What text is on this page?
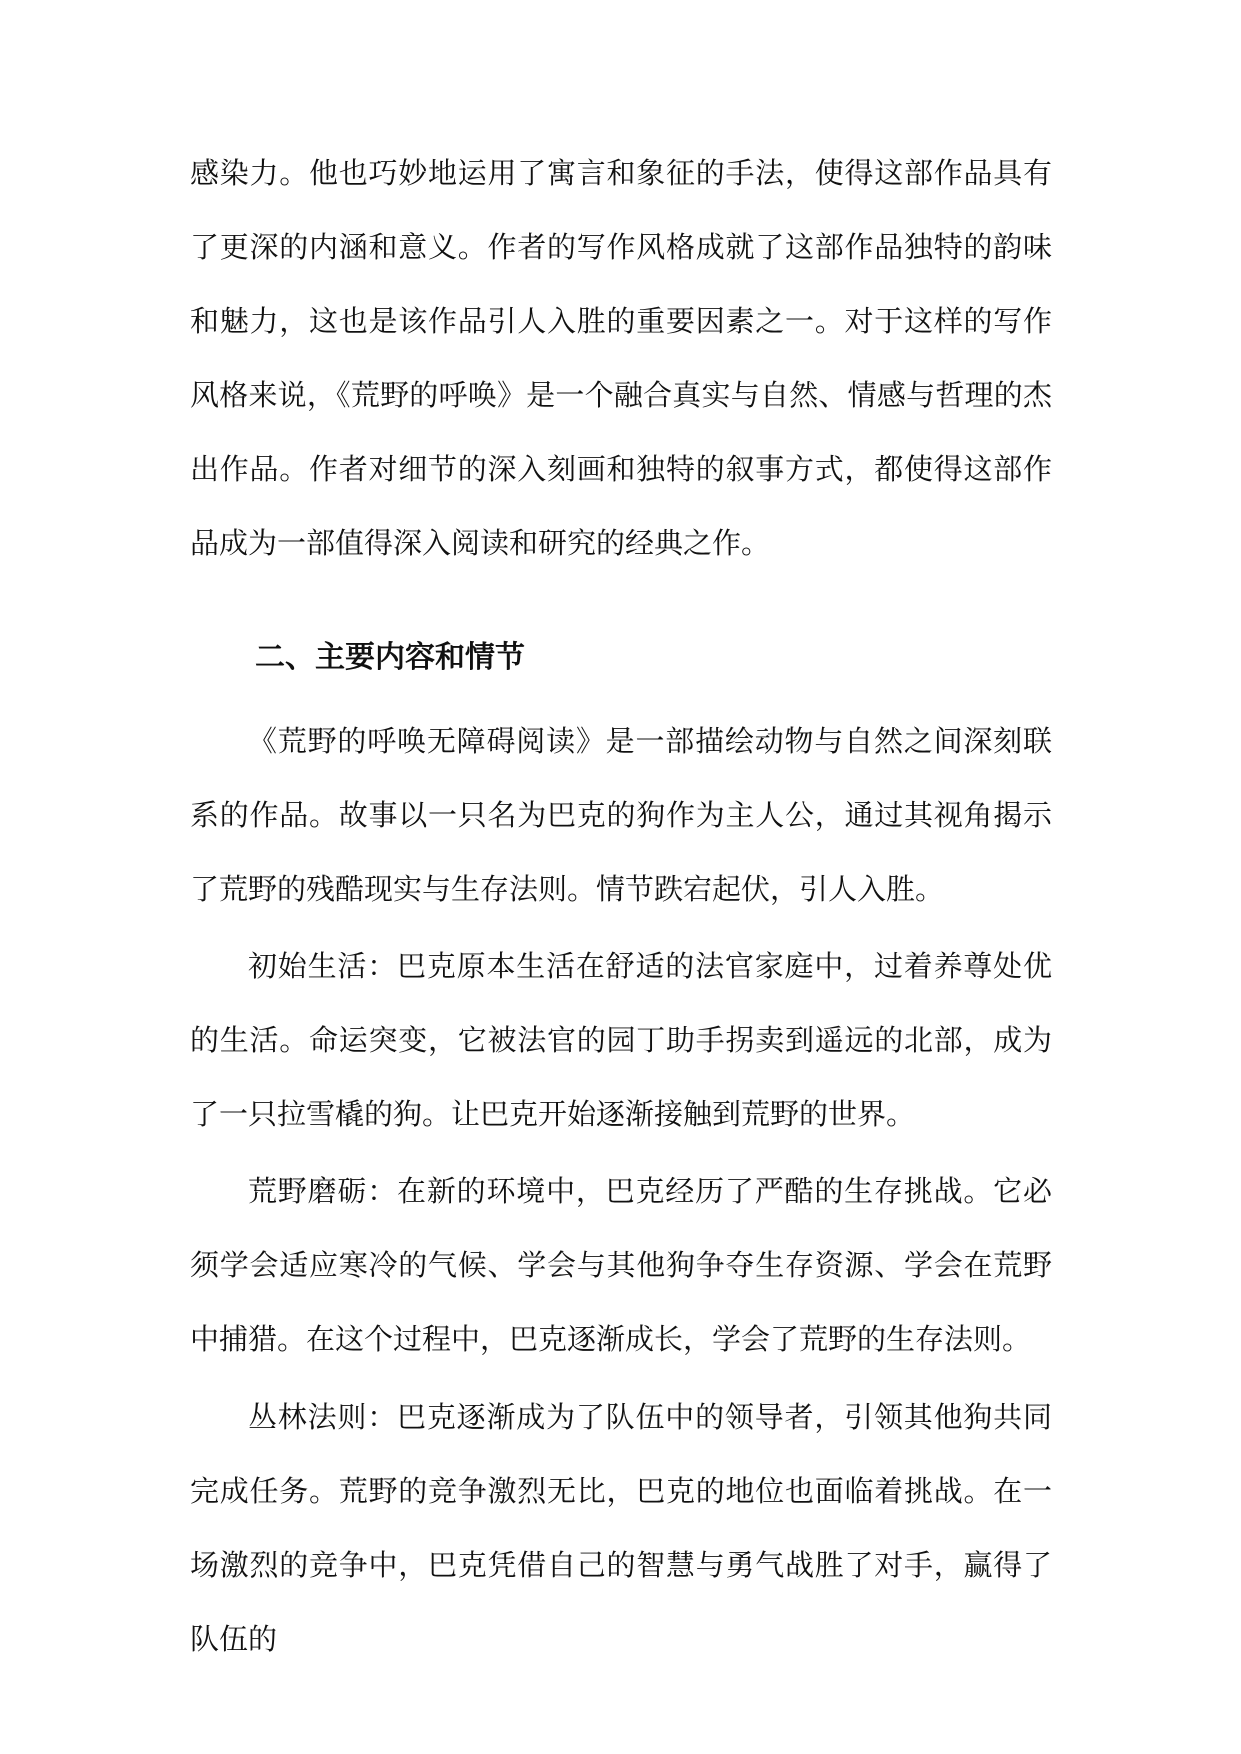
感染力。他也巧妙地运用了寓言和象征的手法，使得这部作品具有了更深的内涵和意义。作者的写作风格成就了这部作品独特的韵味和魅力，这也是该作品引人入胜的重要因素之一。对于这样的写作风格来说，《荒野的呼唤》是一个融合真实与自然、情感与哲理的杰出作品。作者对细节的深入刻画和独特的叙事方式，都使得这部作品成为一部值得深入阅读和研究的经典之作。

二、主要内容和情节

《荒野的呼唤无障碍阅读》是一部描绘动物与自然之间深刻联系的作品。故事以一只名为巴克的狗作为主人公，通过其视角揭示了荒野的残酷现实与生存法则。情节跌宕起伏，引人入胜。

初始生活：巴克原本生活在舒适的法官家庭中，过着养尊处优的生活。命运突变，它被法官的园丁助手拐卖到遥远的北部，成为了一只拉雪橇的狗。让巴克开始逐渐接触到荒野的世界。

荒野磨砺：在新的环境中，巴克经历了严酷的生存挑战。它必须学会适应寒冷的气候、学会与其他狗争夺生存资源、学会在荒野中捕猎。在这个过程中，巴克逐渐成长，学会了荒野的生存法则。

丛林法则：巴克逐渐成为了队伍中的领导者，引领其他狗共同完成任务。荒野的竞争激烈无比，巴克的地位也面临着挑战。在一场激烈的竞争中，巴克凭借自己的智慧与勇气战胜了对手，赢得了队伍的
